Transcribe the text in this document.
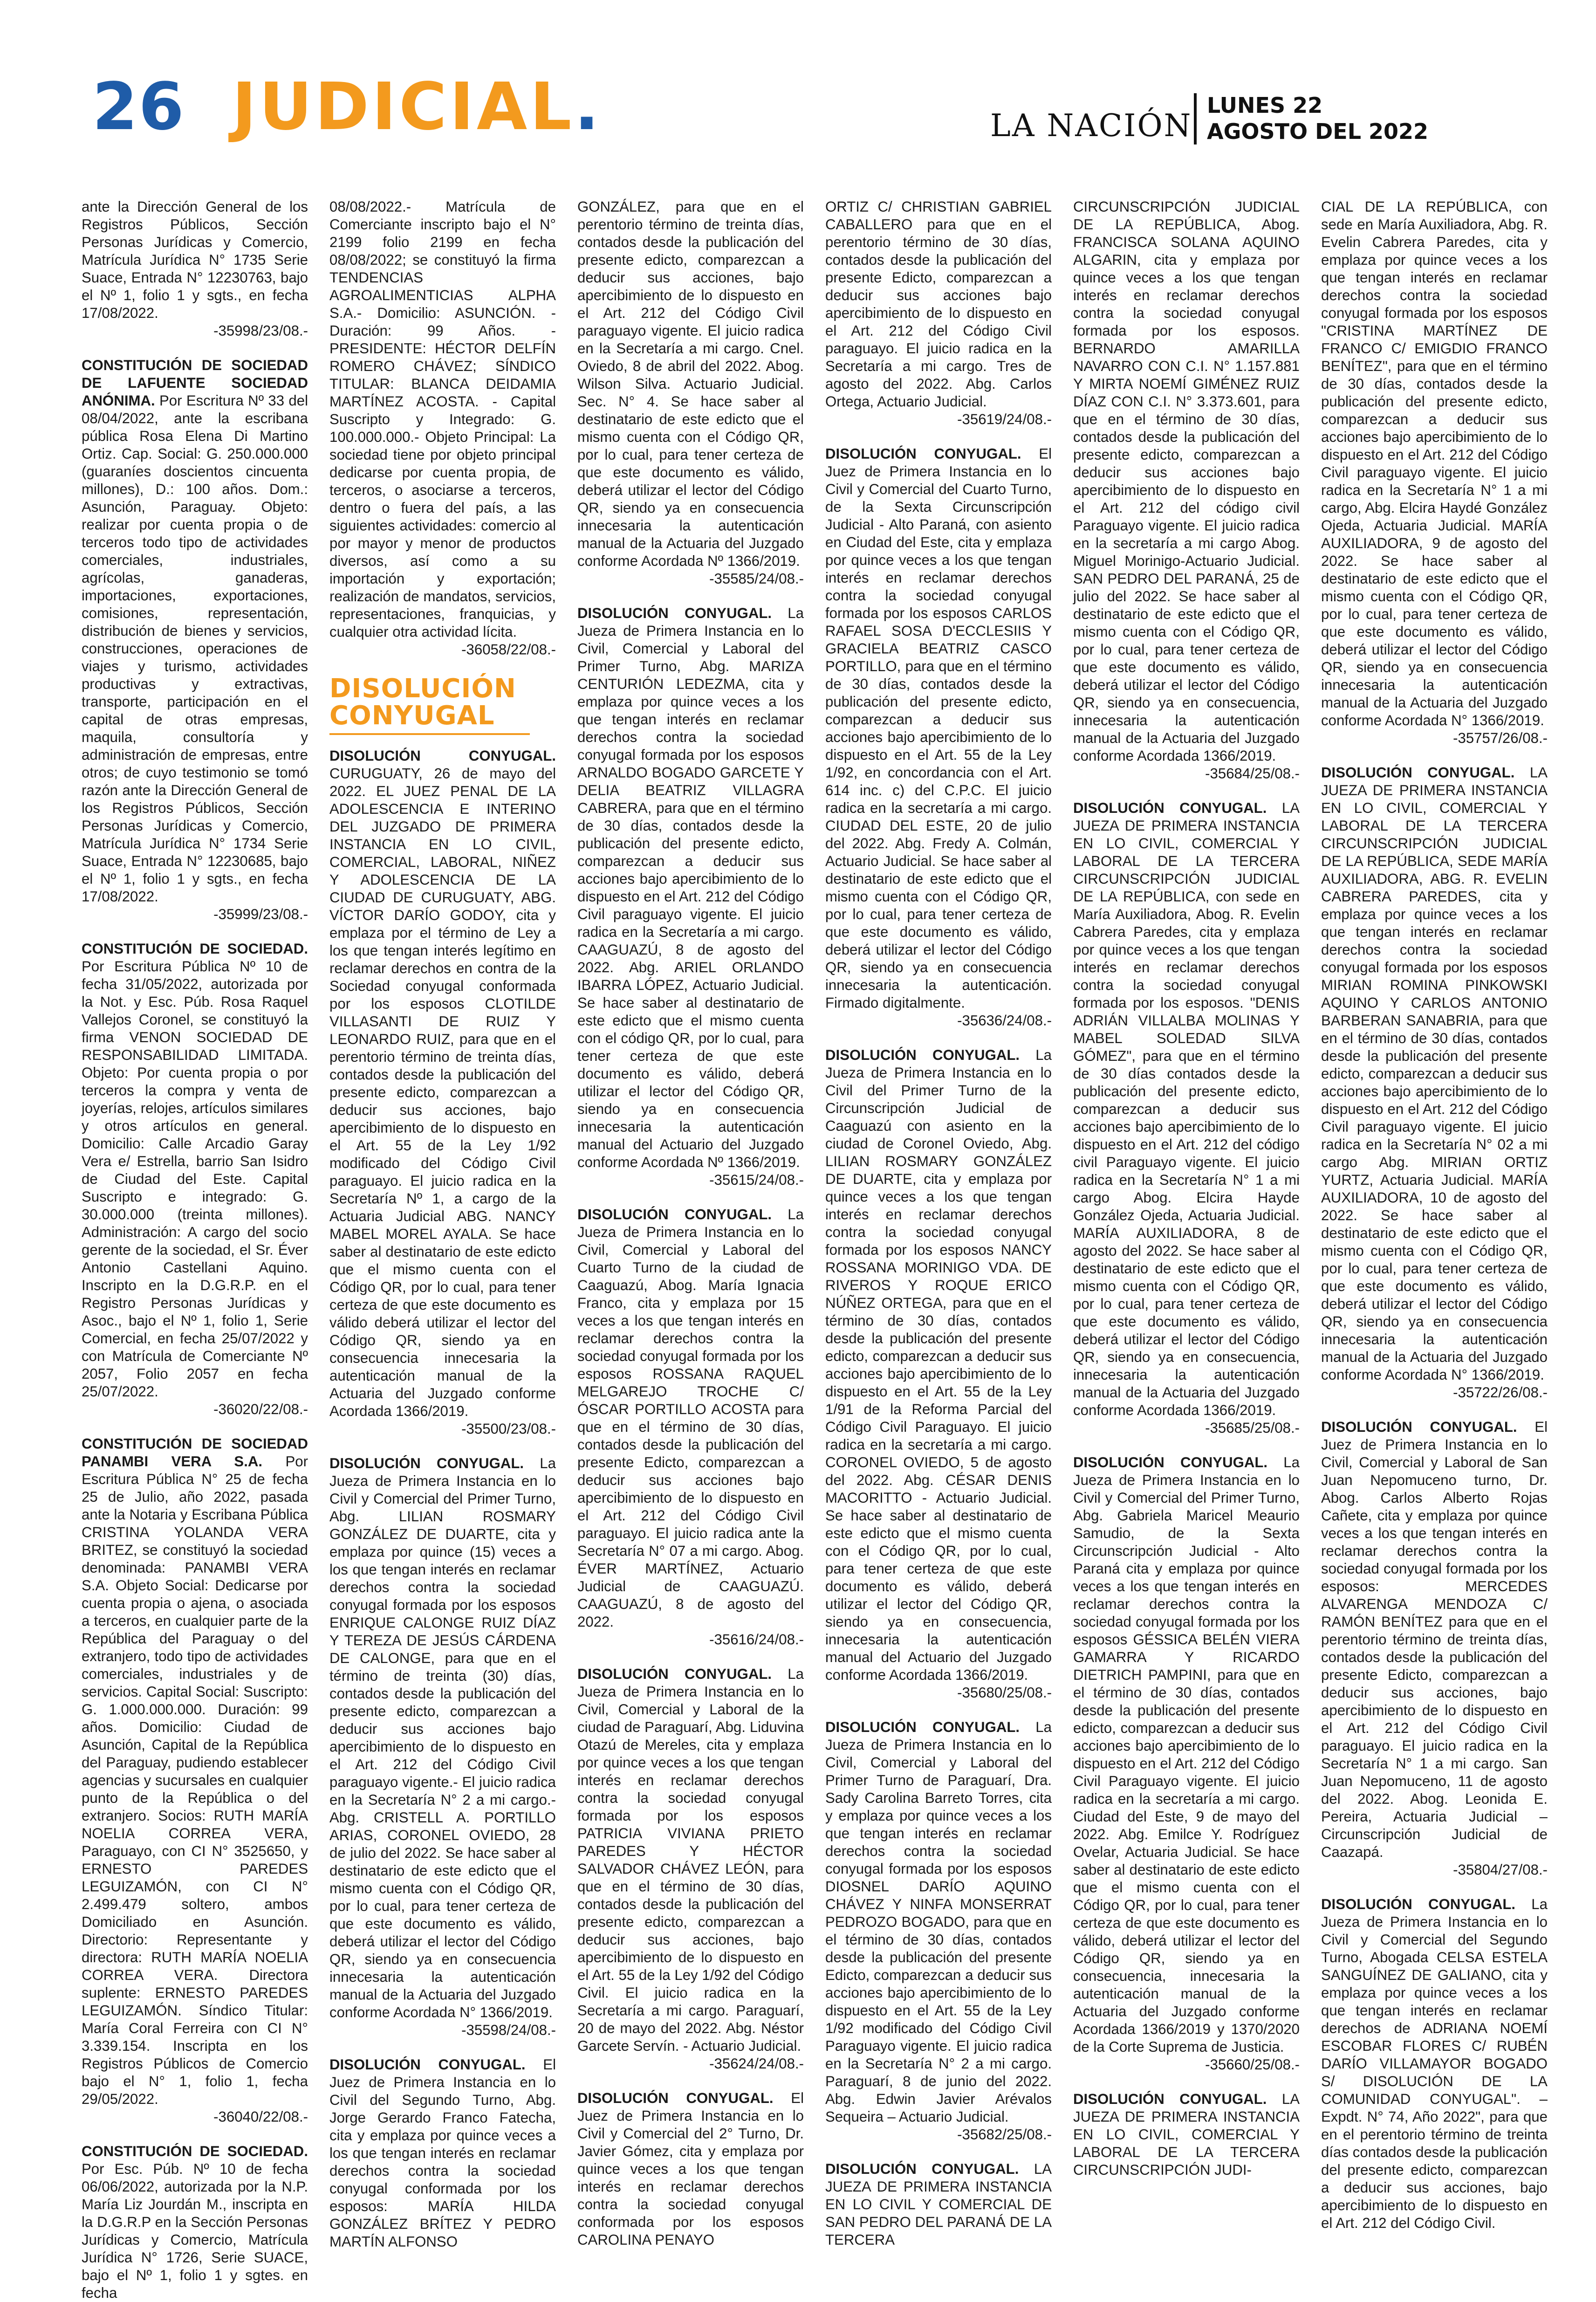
26 JUDICIAL.	LA NACIÓN
LUNES 22
AGOSTO DEL 2022

ante la Dirección General de los Registros Públicos, Sección Personas Jurídicas y Comercio, Matrícula Jurídica N° 1735 Serie Suace, Entrada N° 12230763, bajo el Nº 1, folio 1 y sgts., en fecha 17/08/2022.
-35998/23/08.-

CONSTITUCIÓN DE SOCIEDAD DE LAFUENTE SOCIEDAD ANÓNIMA. Por Escritura Nº 33 del 08/04/2022, ante la escribana pública Rosa Elena Di Martino Ortiz. Cap. Social: G. 250.000.000 (guaraníes doscientos cincuenta millones), D.: 100 años. Dom.: Asunción, Paraguay. Objeto: realizar por cuenta propia o de terceros todo tipo de actividades comerciales, industriales, agrícolas, ganaderas, importaciones, exportaciones, comisiones, representación, distribución de bienes y servicios, construcciones, operaciones de viajes y turismo, actividades productivas y extractivas, transporte, participación en el capital de otras empresas, maquila, consultoría y administración de empresas, entre otros; de cuyo testimonio se tomó razón ante la Dirección General de los Registros Públicos, Sección Personas Jurídicas y Comercio, Matrícula Jurídica N° 1734 Serie Suace, Entrada N° 12230685, bajo el Nº 1, folio 1 y sgts., en fecha 17/08/2022.
-35999/23/08.-

CONSTITUCIÓN DE SOCIEDAD. Por Escritura Pública Nº 10 de fecha 31/05/2022, autorizada por la Not. y Esc. Púb. Rosa Raquel Vallejos Coronel, se constituyó la firma VENON SOCIEDAD DE RESPONSABILIDAD LIMITADA. Objeto: Por cuenta propia o por terceros la compra y venta de joyerías, relojes, artículos similares y otros artículos en general. Domicilio: Calle Arcadio Garay Vera e/ Estrella, barrio San Isidro de Ciudad del Este. Capital Suscripto e integrado: G. 30.000.000 (treinta millones). Administración: A cargo del socio gerente de la sociedad, el Sr. Éver Antonio Castellani Aquino. Inscripto en la D.G.R.P. en el Registro Personas Jurídicas y Asoc., bajo el Nº 1, folio 1, Serie Comercial, en fecha 25/07/2022 y con Matrícula de Comerciante Nº 2057, Folio 2057 en fecha 25/07/2022.
-36020/22/08.-

CONSTITUCIÓN DE SOCIEDAD PANAMBI VERA S.A. Por Escritura Pública N° 25 de fecha 25 de Julio, año 2022, pasada ante la Notaria y Escribana Pública CRISTINA YOLANDA VERA BRITEZ, se constituyó la sociedad denominada: PANAMBI VERA S.A. Objeto Social: Dedicarse por cuenta propia o ajena, o asociada a terceros, en cualquier parte de la República del Paraguay o del extranjero, todo tipo de actividades comerciales, industriales y de servicios. Capital Social: Suscripto: G. 1.000.000.000. Duración: 99 años. Domicilio: Ciudad de Asunción, Capital de la República del Paraguay, pudiendo establecer agencias y sucursales en cualquier punto de la República o del extranjero. Socios: RUTH MARÍA NOELIA CORREA VERA, Paraguayo, con CI N° 3525650, y ERNESTO PAREDES LEGUIZAMÓN, con CI N° 2.499.479 soltero, ambos Domiciliado en Asunción. Directorio: Representante y directora: RUTH MARÍA NOELIA CORREA VERA. Directora suplente: ERNESTO PAREDES LEGUIZAMÓN. Síndico Titular: María Coral Ferreira con CI N° 3.339.154. Inscripta en los Registros Públicos de Comercio bajo el N° 1, folio 1, fecha 29/05/2022.
-36040/22/08.-

CONSTITUCIÓN DE SOCIEDAD. Por Esc. Púb. Nº 10 de fecha 06/06/2022, autorizada por la N.P. María Liz Jourdán M., inscripta en la D.G.R.P en la Sección Personas Jurídicas y Comercio, Matrícula Jurídica N° 1726, Serie SUACE, bajo el Nº 1, folio 1 y sgtes. en fecha

08/08/2022.- Matrícula de Comerciante inscripto bajo el N° 2199 folio 2199 en fecha 08/08/2022; se constituyó la firma TENDENCIAS AGROALIMENTICIAS ALPHA S.A.- Domicilio: ASUNCIÓN. - Duración: 99 Años. - PRESIDENTE: HÉCTOR DELFÍN ROMERO CHÁVEZ; SÍNDICO TITULAR: BLANCA DEIDAMIA MARTÍNEZ ACOSTA. - Capital Suscripto y Integrado: G. 100.000.000.- Objeto Principal: La sociedad tiene por objeto principal dedicarse por cuenta propia, de terceros, o asociarse a terceros, dentro o fuera del país, a las siguientes actividades: comercio al por mayor y menor de productos diversos, así como a su importación y exportación; realización de mandatos, servicios, representaciones, franquicias, y cualquier otra actividad lícita.
-36058/22/08.-

DISOLUCIÓN
CONYUGAL

DISOLUCIÓN CONYUGAL. CURUGUATY, 26 de mayo del 2022. EL JUEZ PENAL DE LA ADOLESCENCIA E INTERINO DEL JUZGADO DE PRIMERA INSTANCIA EN LO CIVIL, COMERCIAL, LABORAL, NIÑEZ Y ADOLESCENCIA DE LA CIUDAD DE CURUGUATY, ABG. VÍCTOR DARÍO GODOY, cita y emplaza por el término de Ley a los que tengan interés legítimo en reclamar derechos en contra de la Sociedad conyugal conformada por los esposos CLOTILDE VILLASANTI DE RUIZ Y LEONARDO RUIZ, para que en el perentorio término de treinta días, contados desde la publicación del presente edicto, comparezcan a deducir sus acciones, bajo apercibimiento de lo dispuesto en el Art. 55 de la Ley 1/92 modificado del Código Civil paraguayo. El juicio radica en la Secretaría Nº 1, a cargo de la Actuaria Judicial ABG. NANCY MABEL MOREL AYALA. Se hace saber al destinatario de este edicto que el mismo cuenta con el Código QR, por lo cual, para tener certeza de que este documento es válido deberá utilizar el lector del Código QR, siendo ya en consecuencia innecesaria la autenticación manual de la Actuaria del Juzgado conforme Acordada 1366/2019.
-35500/23/08.-

DISOLUCIÓN CONYUGAL. La Jueza de Primera Instancia en lo Civil y Comercial del Primer Turno, Abg. LILIAN ROSMARY GONZÁLEZ DE DUARTE, cita y emplaza por quince (15) veces a los que tengan interés en reclamar derechos contra la sociedad conyugal formada por los esposos ENRIQUE CALONGE RUIZ DÍAZ Y TEREZA DE JESÚS CÁRDENA DE CALONGE, para que en el término de treinta (30) días, contados desde la publicación del presente edicto, comparezcan a deducir sus acciones bajo apercibimiento de lo dispuesto en el Art. 212 del Código Civil paraguayo vigente.- El juicio radica en la Secretaría N° 2 a mi cargo.- Abg. CRISTELL A. PORTILLO ARIAS, CORONEL OVIEDO, 28 de julio del 2022. Se hace saber al destinatario de este edicto que el mismo cuenta con el Código QR, por lo cual, para tener certeza de que este documento es válido, deberá utilizar el lector del Código QR, siendo ya en consecuencia innecesaria la autenticación manual de la Actuaria del Juzgado conforme Acordada N° 1366/2019.
-35598/24/08.-

DISOLUCIÓN CONYUGAL. El Juez de Primera Instancia en lo Civil del Segundo Turno, Abg. Jorge Gerardo Franco Fatecha, cita y emplaza por quince veces a los que tengan interés en reclamar derechos contra la sociedad conyugal conformada por los esposos: MARÍA HILDA GONZÁLEZ BRÍTEZ Y PEDRO MARTÍN ALFONSO

GONZÁLEZ, para que en el perentorio término de treinta días, contados desde la publicación del presente edicto, comparezcan a deducir sus acciones, bajo apercibimiento de lo dispuesto en el Art. 212 del Código Civil paraguayo vigente. El juicio radica en la Secretaría a mi cargo. Cnel. Oviedo, 8 de abril del 2022. Abog. Wilson Silva. Actuario Judicial. Sec. N° 4. Se hace saber al destinatario de este edicto que el mismo cuenta con el Código QR, por lo cual, para tener certeza de que este documento es válido, deberá utilizar el lector del Código QR, siendo ya en consecuencia innecesaria la autenticación manual de la Actuaria del Juzgado conforme Acordada Nº 1366/2019.
-35585/24/08.-

DISOLUCIÓN CONYUGAL. La Jueza de Primera Instancia en lo Civil, Comercial y Laboral del Primer Turno, Abg. MARIZA CENTURIÓN LEDEZMA, cita y emplaza por quince veces a los que tengan interés en reclamar derechos contra la sociedad conyugal formada por los esposos ARNALDO BOGADO GARCETE Y DELIA BEATRIZ VILLAGRA CABRERA, para que en el término de 30 días, contados desde la publicación del presente edicto, comparezcan a deducir sus acciones bajo apercibimiento de lo dispuesto en el Art. 212 del Código Civil paraguayo vigente. El juicio radica en la Secretaría a mi cargo. CAAGUAZÚ, 8 de agosto del 2022. Abg. ARIEL ORLANDO IBARRA LÓPEZ, Actuario Judicial. Se hace saber al destinatario de este edicto que el mismo cuenta con el código QR, por lo cual, para tener certeza de que este documento es válido, deberá utilizar el lector del Código QR, siendo ya en consecuencia innecesaria la autenticación manual del Actuario del Juzgado conforme Acordada Nº 1366/2019.
-35615/24/08.-

DISOLUCIÓN CONYUGAL. La Jueza de Primera Instancia en lo Civil, Comercial y Laboral del Cuarto Turno de la ciudad de Caaguazú, Abog. María Ignacia Franco, cita y emplaza por 15 veces a los que tengan interés en reclamar derechos contra la sociedad conyugal formada por los esposos ROSSANA RAQUEL MELGAREJO TROCHE C/ ÓSCAR PORTILLO ACOSTA para que en el término de 30 días, contados desde la publicación del presente Edicto, comparezcan a deducir sus acciones bajo apercibimiento de lo dispuesto en el Art. 212 del Código Civil paraguayo. El juicio radica ante la Secretaría N° 07 a mi cargo. Abog. ÉVER MARTÍNEZ, Actuario Judicial de CAAGUAZÚ. CAAGUAZÚ, 8 de agosto del 2022.
-35616/24/08.-

DISOLUCIÓN CONYUGAL. La Jueza de Primera Instancia en lo Civil, Comercial y Laboral de la ciudad de Paraguarí, Abg. Liduvina Otazú de Mereles, cita y emplaza por quince veces a los que tengan interés en reclamar derechos contra la sociedad conyugal formada por los esposos PATRICIA VIVIANA PRIETO PAREDES Y HÉCTOR SALVADOR CHÁVEZ LEÓN, para que en el término de 30 días, contados desde la publicación del presente edicto, comparezcan a deducir sus acciones, bajo apercibimiento de lo dispuesto en el Art. 55 de la Ley 1/92 del Código Civil. El juicio radica en la Secretaría a mi cargo. Paraguarí, 20 de mayo del 2022. Abg. Néstor Garcete Servín. - Actuario Judicial.
-35624/24/08.-

DISOLUCIÓN CONYUGAL. El Juez de Primera Instancia en lo Civil y Comercial del 2° Turno, Dr. Javier Gómez, cita y emplaza por quince veces a los que tengan interés en reclamar derechos contra la sociedad conyugal conformada por los esposos CAROLINA PENAYO

ORTIZ C/ CHRISTIAN GABRIEL CABALLERO para que en el perentorio término de 30 días, contados desde la publicación del presente Edicto, comparezcan a deducir sus acciones bajo apercibimiento de lo dispuesto en el Art. 212 del Código Civil paraguayo. El juicio radica en la Secretaría a mi cargo. Tres de agosto del 2022. Abg. Carlos Ortega, Actuario Judicial.
-35619/24/08.-

DISOLUCIÓN CONYUGAL. El Juez de Primera Instancia en lo Civil y Comercial del Cuarto Turno, de la Sexta Circunscripción Judicial - Alto Paraná, con asiento en Ciudad del Este, cita y emplaza por quince veces a los que tengan interés en reclamar derechos contra la sociedad conyugal formada por los esposos CARLOS RAFAEL SOSA D'ECCLESIIS Y GRACIELA BEATRIZ CASCO PORTILLO, para que en el término de 30 días, contados desde la publicación del presente edicto, comparezcan a deducir sus acciones bajo apercibimiento de lo dispuesto en el Art. 55 de la Ley 1/92, en concordancia con el Art. 614 inc. c) del C.P.C. El juicio radica en la secretaría a mi cargo. CIUDAD DEL ESTE, 20 de julio del 2022. Abg. Fredy A. Colmán, Actuario Judicial. Se hace saber al destinatario de este edicto que el mismo cuenta con el Código QR, por lo cual, para tener certeza de que este documento es válido, deberá utilizar el lector del Código QR, siendo ya en consecuencia innecesaria la autenticación. Firmado digitalmente.
-35636/24/08.-

DISOLUCIÓN CONYUGAL. La Jueza de Primera Instancia en lo Civil del Primer Turno de la Circunscripción Judicial de Caaguazú con asiento en la ciudad de Coronel Oviedo, Abg. LILIAN ROSMARY GONZÁLEZ DE DUARTE, cita y emplaza por quince veces a los que tengan interés en reclamar derechos contra la sociedad conyugal formada por los esposos NANCY ROSSANA MORINIGO VDA. DE RIVEROS Y ROQUE ERICO NÚÑEZ ORTEGA, para que en el término de 30 días, contados desde la publicación del presente edicto, comparezcan a deducir sus acciones bajo apercibimiento de lo dispuesto en el Art. 55 de la Ley 1/91 de la Reforma Parcial del Código Civil Paraguayo. El juicio radica en la secretaría a mi cargo. CORONEL OVIEDO, 5 de agosto del 2022. Abg. CÉSAR DENIS MACORITTO - Actuario Judicial. Se hace saber al destinatario de este edicto que el mismo cuenta con el Código QR, por lo cual, para tener certeza de que este documento es válido, deberá utilizar el lector del Código QR, siendo ya en consecuencia, innecesaria la autenticación manual del Actuario del Juzgado conforme Acordada 1366/2019.
-35680/25/08.-

DISOLUCIÓN CONYUGAL. La Jueza de Primera Instancia en lo Civil, Comercial y Laboral del Primer Turno de Paraguarí, Dra. Sady Carolina Barreto Torres, cita y emplaza por quince veces a los que tengan interés en reclamar derechos contra la sociedad conyugal formada por los esposos DIOSNEL DARÍO AQUINO CHÁVEZ Y NINFA MONSERRAT PEDROZO BOGADO, para que en el término de 30 días, contados desde la publicación del presente Edicto, comparezcan a deducir sus acciones bajo apercibimiento de lo dispuesto en el Art. 55 de la Ley 1/92 modificado del Código Civil Paraguayo vigente. El juicio radica en la Secretaría N° 2 a mi cargo. Paraguarí, 8 de junio del 2022. Abg. Edwin Javier Arévalos Sequeira – Actuario Judicial.
-35682/25/08.-

DISOLUCIÓN CONYUGAL. LA JUEZA DE PRIMERA INSTANCIA EN LO CIVIL Y COMERCIAL DE SAN PEDRO DEL PARANÁ DE LA TERCERA

CIRCUNSCRIPCIÓN JUDICIAL DE LA REPÚBLICA, Abog. FRANCISCA SOLANA AQUINO ALGARIN, cita y emplaza por quince veces a los que tengan interés en reclamar derechos contra la sociedad conyugal formada por los esposos. BERNARDO AMARILLA NAVARRO CON C.I. N° 1.157.881 Y MIRTA NOEMÍ GIMÉNEZ RUIZ DÍAZ CON C.I. N° 3.373.601, para que en el término de 30 días, contados desde la publicación del presente edicto, comparezcan a deducir sus acciones bajo apercibimiento de lo dispuesto en el Art. 212 del código civil Paraguayo vigente. El juicio radica en la secretaría a mi cargo Abog. Miguel Morinigo-Actuario Judicial. SAN PEDRO DEL PARANÁ, 25 de julio del 2022. Se hace saber al destinatario de este edicto que el mismo cuenta con el Código QR, por lo cual, para tener certeza de que este documento es válido, deberá utilizar el lector del Código QR, siendo ya en consecuencia, innecesaria la autenticación manual de la Actuaria del Juzgado conforme Acordada 1366/2019.
-35684/25/08.-

DISOLUCIÓN CONYUGAL. LA JUEZA DE PRIMERA INSTANCIA EN LO CIVIL, COMERCIAL Y LABORAL DE LA TERCERA CIRCUNSCRIPCIÓN JUDICIAL DE LA REPÚBLICA, con sede en María Auxiliadora, Abog. R. Evelin Cabrera Paredes, cita y emplaza por quince veces a los que tengan interés en reclamar derechos contra la sociedad conyugal formada por los esposos. "DENIS ADRIÁN VILLALBA MOLINAS Y MABEL SOLEDAD SILVA GÓMEZ", para que en el término de 30 días contados desde la publicación del presente edicto, comparezcan a deducir sus acciones bajo apercibimiento de lo dispuesto en el Art. 212 del código civil Paraguayo vigente. El juicio radica en la Secretaría N° 1 a mi cargo Abog. Elcira Hayde González Ojeda, Actuaria Judicial. MARÍA AUXILIADORA, 8 de agosto del 2022. Se hace saber al destinatario de este edicto que el mismo cuenta con el Código QR, por lo cual, para tener certeza de que este documento es válido, deberá utilizar el lector del Código QR, siendo ya en consecuencia, innecesaria la autenticación manual de la Actuaria del Juzgado conforme Acordada 1366/2019.
-35685/25/08.-

DISOLUCIÓN CONYUGAL. La Jueza de Primera Instancia en lo Civil y Comercial del Primer Turno, Abg. Gabriela Maricel Meaurio Samudio, de la Sexta Circunscripción Judicial - Alto Paraná cita y emplaza por quince veces a los que tengan interés en reclamar derechos contra la sociedad conyugal formada por los esposos GÉSSICA BELÉN VIERA GAMARRA Y RICARDO DIETRICH PAMPINI, para que en el término de 30 días, contados desde la publicación del presente edicto, comparezcan a deducir sus acciones bajo apercibimiento de lo dispuesto en el Art. 212 del Código Civil Paraguayo vigente. El juicio radica en la secretaría a mi cargo. Ciudad del Este, 9 de mayo del 2022. Abg. Emilce Y. Rodríguez Ovelar, Actuaria Judicial. Se hace saber al destinatario de este edicto que el mismo cuenta con el Código QR, por lo cual, para tener certeza de que este documento es válido, deberá utilizar el lector del Código QR, siendo ya en consecuencia, innecesaria la autenticación manual de la Actuaria del Juzgado conforme Acordada 1366/2019 y 1370/2020 de la Corte Suprema de Justicia.
-35660/25/08.-

DISOLUCIÓN CONYUGAL. LA JUEZA DE PRIMERA INSTANCIA EN LO CIVIL, COMERCIAL Y LABORAL DE LA TERCERA CIRCUNSCRIPCIÓN JUDI-

CIAL DE LA REPÚBLICA, con sede en María Auxiliadora, Abg. R. Evelin Cabrera Paredes, cita y emplaza por quince veces a los que tengan interés en reclamar derechos contra la sociedad conyugal formada por los esposos "CRISTINA MARTÍNEZ DE FRANCO C/ EMIGDIO FRANCO BENÍTEZ", para que en el término de 30 días, contados desde la publicación del presente edicto, comparezcan a deducir sus acciones bajo apercibimiento de lo dispuesto en el Art. 212 del Código Civil paraguayo vigente. El juicio radica en la Secretaría N° 1 a mi cargo, Abg. Elcira Haydé González Ojeda, Actuaria Judicial. MARÍA AUXILIADORA, 9 de agosto del 2022. Se hace saber al destinatario de este edicto que el mismo cuenta con el Código QR, por lo cual, para tener certeza de que este documento es válido, deberá utilizar el lector del Código QR, siendo ya en consecuencia innecesaria la autenticación manual de la Actuaria del Juzgado conforme Acordada N° 1366/2019.
-35757/26/08.-

DISOLUCIÓN CONYUGAL. LA JUEZA DE PRIMERA INSTANCIA EN LO CIVIL, COMERCIAL Y LABORAL DE LA TERCERA CIRCUNSCRIPCIÓN JUDICIAL DE LA REPÚBLICA, SEDE MARÍA AUXILIADORA, ABG. R. EVELIN CABRERA PAREDES, cita y emplaza por quince veces a los que tengan interés en reclamar derechos contra la sociedad conyugal formada por los esposos MIRIAN ROMINA PINKOWSKI AQUINO Y CARLOS ANTONIO BARBERAN SANABRIA, para que en el término de 30 días, contados desde la publicación del presente edicto, comparezcan a deducir sus acciones bajo apercibimiento de lo dispuesto en el Art. 212 del Código Civil paraguayo vigente. El juicio radica en la Secretaría N° 02 a mi cargo Abg. MIRIAN ORTIZ YURTZ, Actuaria Judicial. MARÍA AUXILIADORA, 10 de agosto del 2022. Se hace saber al destinatario de este edicto que el mismo cuenta con el Código QR, por lo cual, para tener certeza de que este documento es válido, deberá utilizar el lector del Código QR, siendo ya en consecuencia innecesaria la autenticación manual de la Actuaria del Juzgado conforme Acordada N° 1366/2019.
-35722/26/08.-

DISOLUCIÓN CONYUGAL. El Juez de Primera Instancia en lo Civil, Comercial y Laboral de San Juan Nepomuceno turno, Dr. Abog. Carlos Alberto Rojas Cañete, cita y emplaza por quince veces a los que tengan interés en reclamar derechos contra la sociedad conyugal formada por los esposos: MERCEDES ALVARENGA MENDOZA C/ RAMÓN BENÍTEZ para que en el perentorio término de treinta días, contados desde la publicación del presente Edicto, comparezcan a deducir sus acciones, bajo apercibimiento de lo dispuesto en el Art. 212 del Código Civil paraguayo. El juicio radica en la Secretaría N° 1 a mi cargo. San Juan Nepomuceno, 11 de agosto del 2022. Abog. Leonida E. Pereira, Actuaria Judicial – Circunscripción Judicial de Caazapá.
-35804/27/08.-

DISOLUCIÓN CONYUGAL. La Jueza de Primera Instancia en lo Civil y Comercial del Segundo Turno, Abogada CELSA ESTELA SANGUÍNEZ DE GALIANO, cita y emplaza por quince veces a los que tengan interés en reclamar derechos de ADRIANA NOEMÍ ESCOBAR FLORES C/ RUBÉN DARÍO VILLAMAYOR BOGADO S/ DISOLUCIÓN DE LA COMUNIDAD CONYUGAL". – Expdt. N° 74, Año 2022", para que en el perentorio término de treinta días contados desde la publicación del presente edicto, comparezcan a deducir sus acciones, bajo apercibimiento de lo dispuesto en el Art. 212 del Código Civil.
